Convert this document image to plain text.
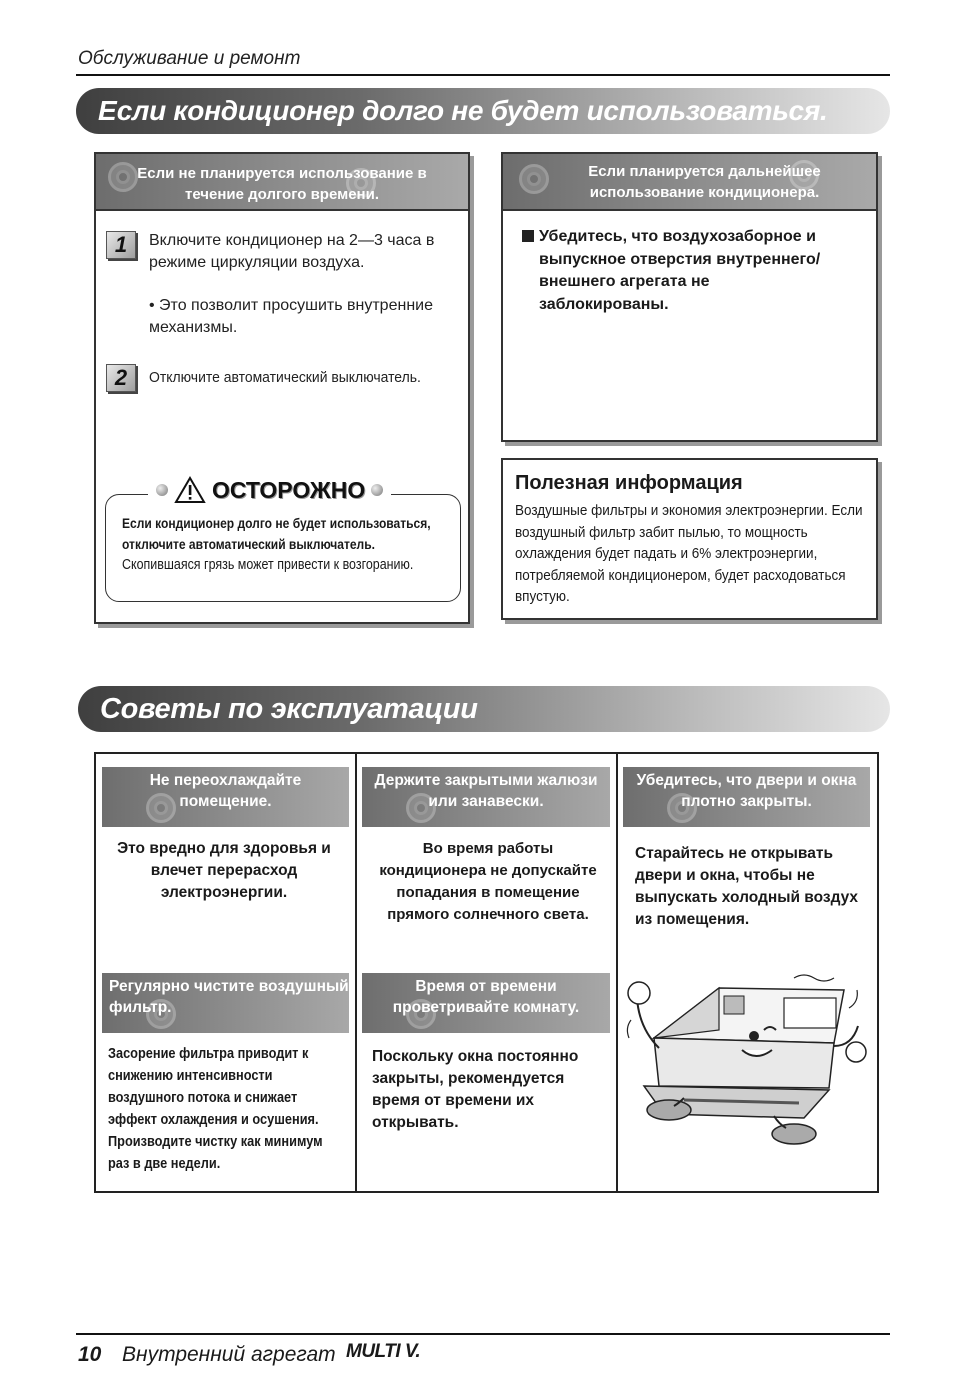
Обслуживание и ремонт
Если кондиционер долго не будет использоваться.
Если не планируется использование в течение долгого времени.
1	Включите кондиционер на 2—3 часа в режиме циркуляции воздуха.
• Это позволит просушить внутренние механизмы.
2	Отключите автоматический выключатель.
ОСТОРОЖНО
Если кондиционер долго не будет использоваться, отключите автоматический выключатель.
Скопившаяся грязь может привести к возгоранию.
Если планируется дальнейшее использование кондиционера.
Убедитесь, что воздухозаборное и выпускное отверстия внутреннего/внешнего агрегата не заблокированы.
Полезная информация
Воздушные фильтры и экономия электроэнергии. Если воздушный фильтр забит пылью, то мощность охлаждения будет падать и 6% электроэнергии, потребляемой кондиционером, будет расходоваться впустую.
Советы по эксплуатации
Не переохлаждайте помещение.
Это вредно для здоровья и влечет перерасход электроэнергии.
Держите закрытыми жалюзи или занавески.
Во время работы кондиционера не допускайте попадания в помещение прямого солнечного света.
Убедитесь, что двери и окна плотно закрыты.
Старайтесь не открывать двери и окна, чтобы не выпускать холодный воздух из помещения.
Регулярно чистите воздушный фильтр.
Засорение фильтра приводит к снижению интенсивности воздушного потока и снижает эффект охлаждения и осушения. Производите чистку как минимум раз в две недели.
Время от времени проветривайте комнату.
Поскольку окна постоянно закрыты, рекомендуется время от времени их открывать.
10 Внутренний агрегат MULTI V.
